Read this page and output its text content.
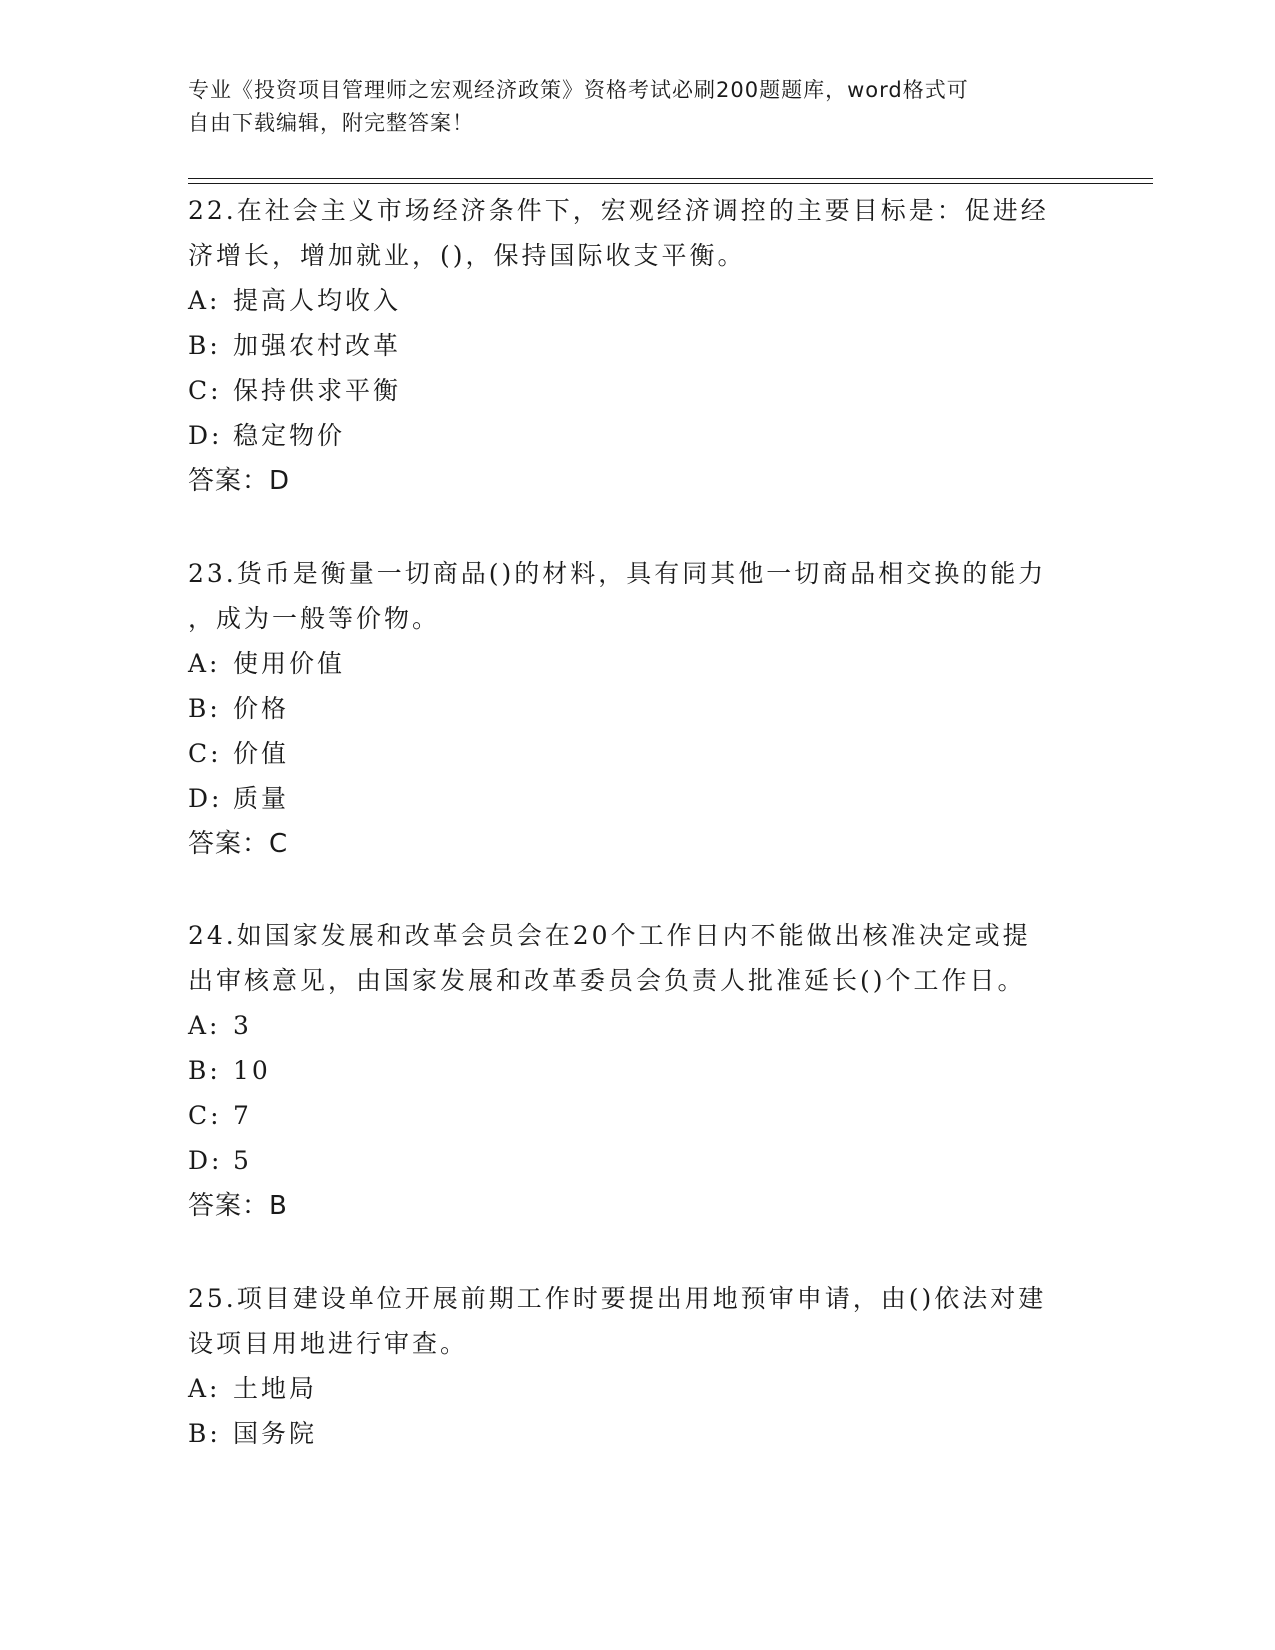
专业《投资项目管理师之宏观经济政策》资格考试必刷200题题库，word格式可
自由下载编辑，附完整答案！
22.在社会主义市场经济条件下，宏观经济调控的主要目标是：促进经
济增长，增加就业，()，保持国际收支平衡。
A: 提高人均收入
B: 加强农村改革
C: 保持供求平衡
D: 稳定物价
答案：D
23.货币是衡量一切商品()的材料，具有同其他一切商品相交换的能力
，成为一般等价物。
A: 使用价值
B: 价格
C: 价值
D: 质量
答案：C
24.如国家发展和改革会员会在20个工作日内不能做出核准决定或提
出审核意见，由国家发展和改革委员会负责人批准延长()个工作日。
A: 3
B: 10
C: 7
D: 5
答案：B
25.项目建设单位开展前期工作时要提出用地预审申请，由()依法对建
设项目用地进行审查。
A: 土地局
B: 国务院
